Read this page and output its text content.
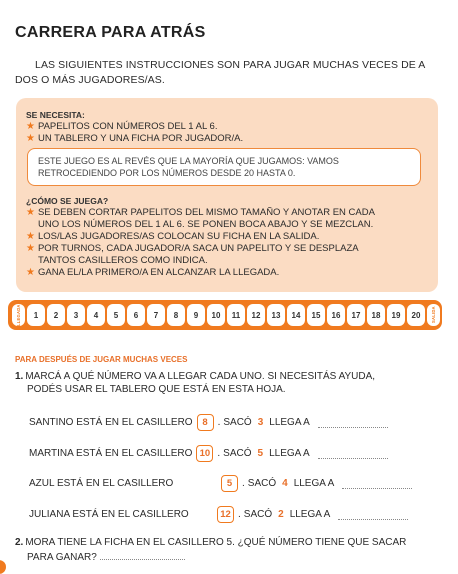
CARRERA PARA ATRÁS
LAS SIGUIENTES INSTRUCCIONES SON PARA JUGAR MUCHAS VECES DE A DOS O MÁS JUGADORES/AS.
SE NECESITA:
★ PAPELITOS CON NÚMEROS DEL 1 AL 6.
★ UN TABLERO Y UNA FICHA POR JUGADOR/A.
ESTE JUEGO ES AL REVÉS QUE LA MAYORÍA QUE JUGAMOS: VAMOS RETROCEDIENDO POR LOS NÚMEROS DESDE 20 HASTA 0.
¿CÓMO SE JUEGA?
★ SE DEBEN CORTAR PAPELITOS DEL MISMO TAMAÑO Y ANOTAR EN CADA
UNO LOS NÚMEROS DEL 1 AL 6. SE PONEN BOCA ABAJO Y SE MEZCLAN.
★ LOS/LAS JUGADORES/AS COLOCAN SU FICHA EN LA SALIDA.
★ POR TURNOS, CADA JUGADOR/A SACA UN PAPELITO Y SE DESPLAZA
TANTOS CASILLEROS COMO INDICA.
★ GANA EL/LA PRIMERO/A EN ALCANZAR LA LLEGADA.
LLEGADA	1	2	3	4	5	6	7	8	9	10	11	12	13	14	15	16	17	18	19	20	SALIDA
PARA DESPUÉS DE JUGAR MUCHAS VECES
1. MARCÁ A QUÉ NÚMERO VA A LLEGAR CADA UNO. SI NECESITÁS AYUDA,
PODÉS USAR EL TABLERO QUE ESTÁ EN ESTA HOJA.
SANTINO ESTÁ EN EL CASILLERO	8 . SACÓ 3 LLEGA A
MARTINA ESTÁ EN EL CASILLERO 10 . SACÓ 5 LLEGA A
AZUL ESTÁ EN EL CASILLERO	5 . SACÓ 4 LLEGA A
JULIANA ESTÁ EN EL CASILLERO	12 . SACÓ 2 LLEGA A
2. MORA TIENE LA FICHA EN EL CASILLERO 5. ¿QUÉ NÚMERO TIENE QUE SACAR
PARA GANAR?
